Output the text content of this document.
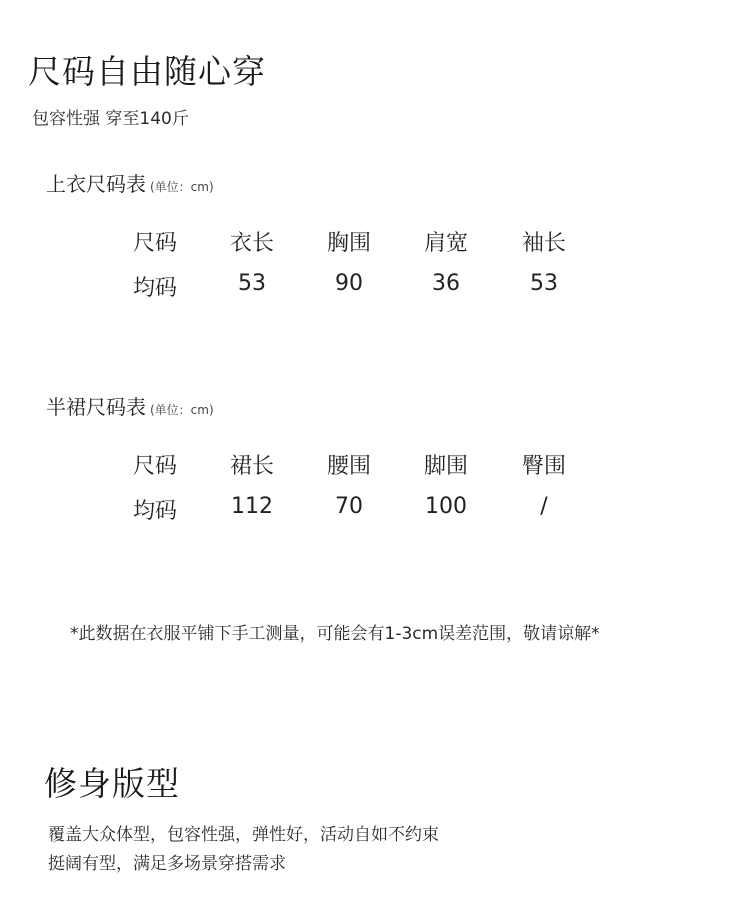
尺码自由随心穿
包容性强 穿至140斤
上衣尺码表 (单位：cm)
尺码	衣长	胸围	肩宽	袖长
均码	53	90	36	53
半裙尺码表 (单位：cm)
尺码	裙长	腰围	脚围	臀围
均码	112	70	100	/
*此数据在衣服平铺下手工测量，可能会有1-3cm误差范围，敬请谅解*
修身版型
覆盖大众体型，包容性强，弹性好，活动自如不约束
挺阔有型，满足多场景穿搭需求
